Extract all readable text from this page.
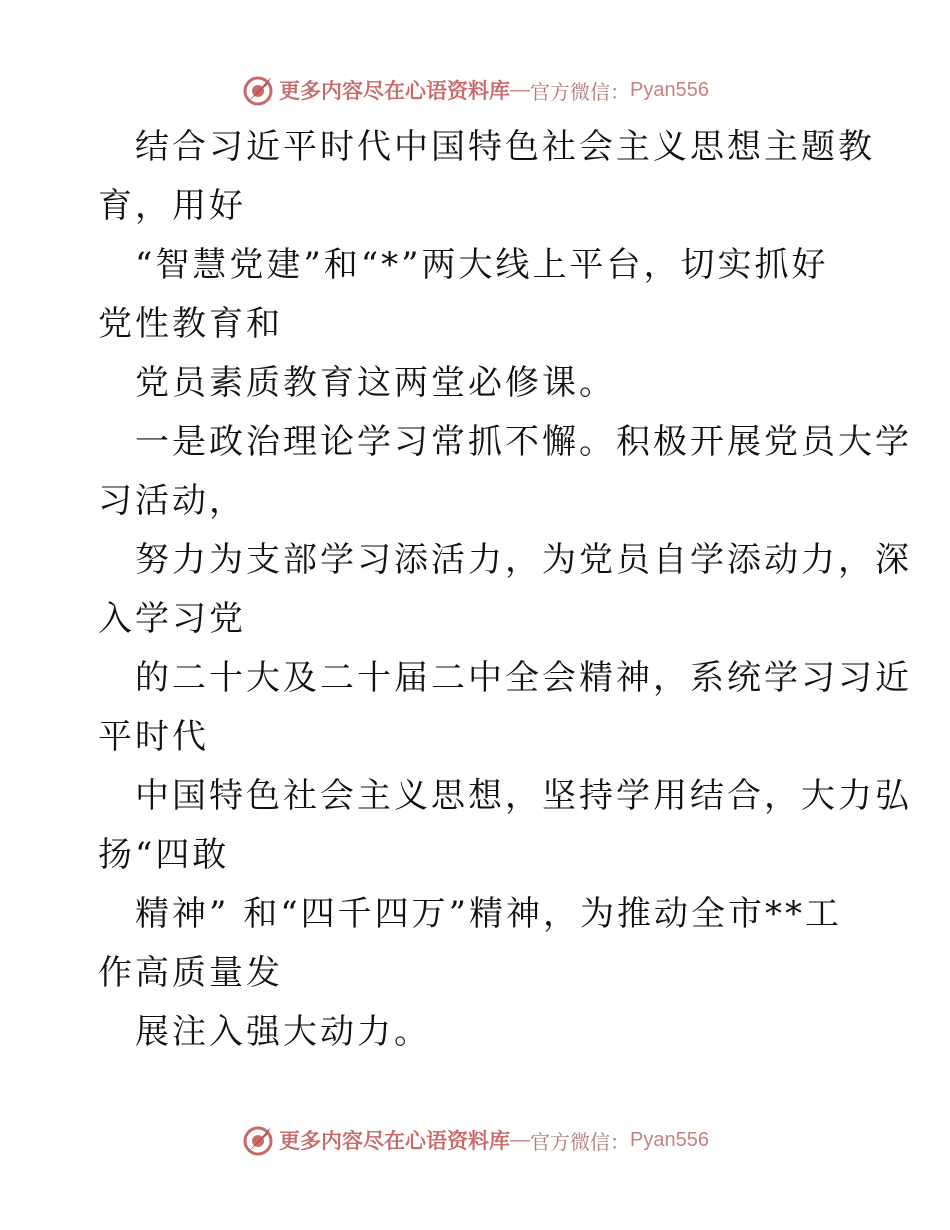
更多内容尽在心语资料库 — 官方微信： Pyan556
结合习近平时代中国特色社会主义思想主题教
育，用好
“智慧党建”和“*”两大线上平台，切实抓好
党性教育和
党员素质教育这两堂必修课。
一是政治理论学习常抓不懈。积极开展党员大学
习活动，
努力为支部学习添活力，为党员自学添动力，深
入学习党
的二十大及二十届二中全会精神，系统学习习近
平时代
中国特色社会主义思想，坚持学用结合，大力弘
扬“四敢
精神” 和“四千四万”精神，为推动全市**工
作高质量发
展注入强大动力。
更多内容尽在心语资料库 — 官方微信： Pyan556
